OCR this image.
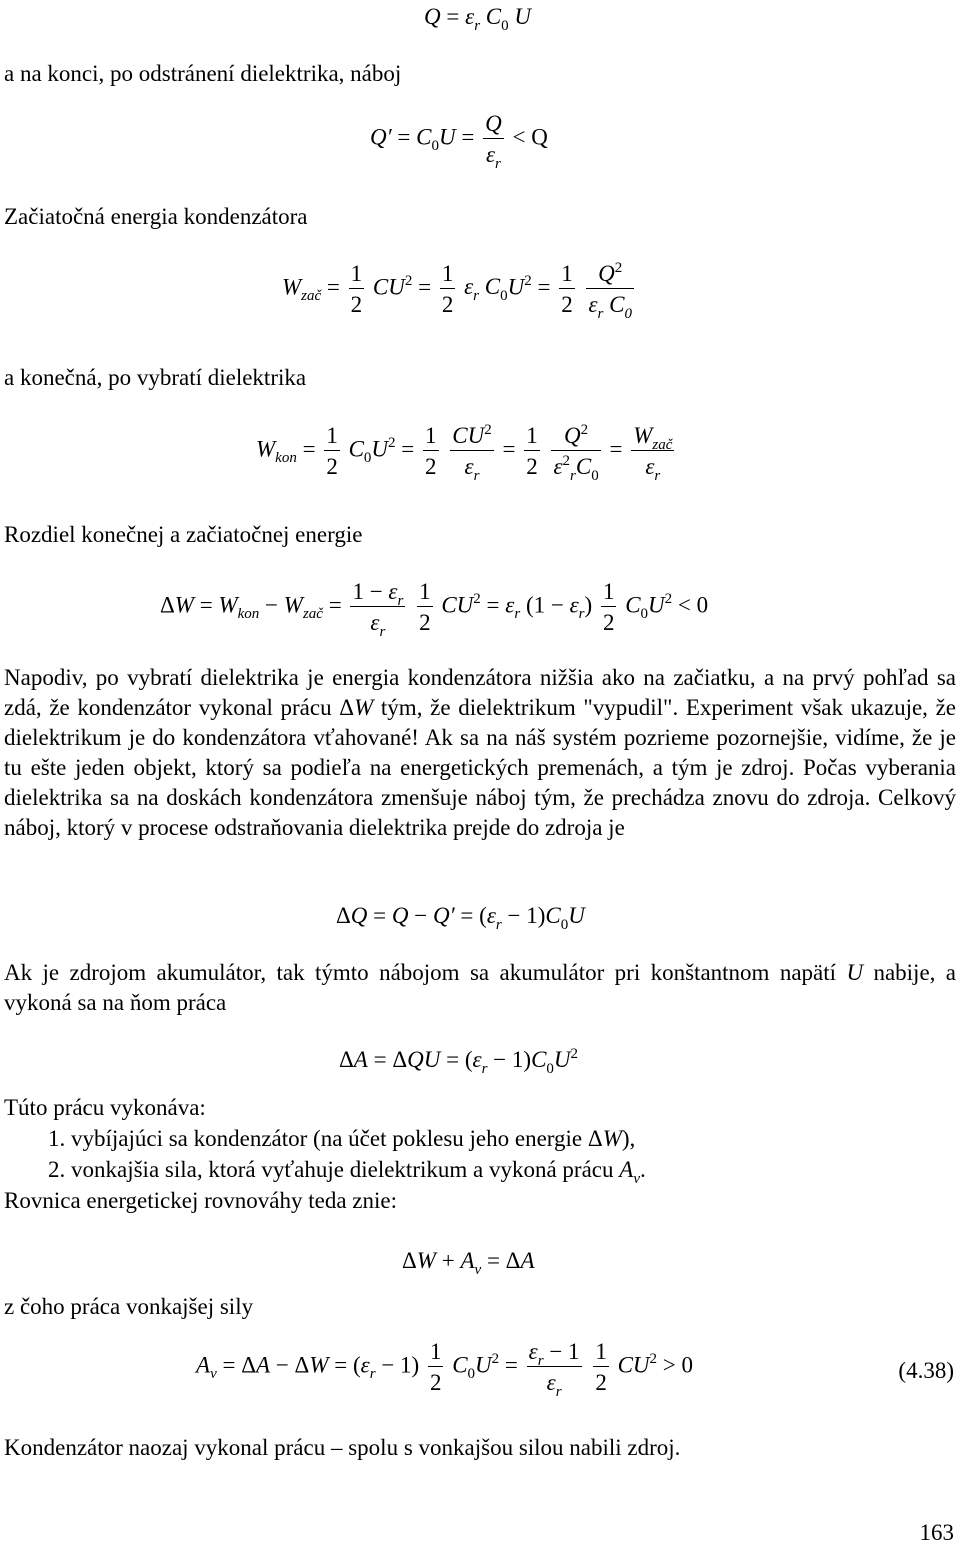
$Q = \varepsilon_r$ $C_0$ U
a na konci, po odstránení dielektrika, náboj
$Q' = C_0U = \frac{Q}{\varepsilon_r} < Q$
Začiatočná energia kondenzátora
$W_{zač} = \frac{1}{2} CU^2 = \frac{1}{2} \varepsilon_r$ $C_0U^2 = \frac{1}{2}$
$\frac{Q^2}{\varepsilon_r C_0}$
a konečná, po vybratí dielektrika
$W_{kon} = \frac{1}{2} C_0U^2 = \frac{1}{2}$
$\frac{CU^2}{\varepsilon_r} = \frac{1}{2}$
$\frac{Q^2}{\varepsilon^2_rC_0} = \frac{W_{zač}}{\varepsilon_r}$
Rozdiel konečnej a začiatočnej energie
$\Delta W = W_{kon} - W_{zač} = \frac{1 - \varepsilon_r}{\varepsilon_r}$
$\frac{1}{2} CU^2 = \varepsilon_r$ $(1 - \varepsilon_r) \frac{1}{2} C_0U^2 < 0$

Napodiv, po vybratí dielektrika je energia kondenzátora nižšia ako na začiatku, a na prvý pohľad sa zdá, že kondenzátor vykonal prácu ΔW tým, že dielektrikum "vypudil". Experiment však ukazuje, že dielektrikum je do kondenzátora vťahované! Ak sa na náš systém pozrieme pozornejšie, vidíme, že je tu ešte jeden objekt, ktorý sa podieľa na energetických premenách, a tým je zdroj. Počas vyberania dielektrika sa na doskách kondenzátora zmenšuje náboj tým, že prechádza znovu do zdroja. Celkový náboj, ktorý v procese odstraňovania dielektrika prejde do zdroja je

$\Delta Q = Q - Q' = (\varepsilon_r - 1)C_0U$

Ak je zdrojom akumulátor, tak týmto nábojom sa akumulátor pri konštantnom napätí U nabije, a vykoná sa na ňom práca

$\Delta A = \Delta QU = (\varepsilon_r - 1)C_0U^2$
Túto prácu vykonáva:
1. vybíjajúci sa kondenzátor (na účet poklesu jeho energie ΔW),
2. vonkajšia sila, ktorá vyťahuje dielektrikum a vykoná prácu $A_v$.
Rovnica energetickej rovnováhy teda znie:
$\Delta W + A_v = \Delta A$
z čoho práca vonkajšej sily
$A_v = \Delta A - \Delta W = (\varepsilon_r - 1) \frac{1}{2} C_0U^2 = \frac{\varepsilon_r - 1}{\varepsilon_r}$
$\frac{1}{2} CU^2 > 0$	(4.38)
Kondenzátor naozaj vykonal prácu – spolu s vonkajšou silou nabili zdroj.
163
